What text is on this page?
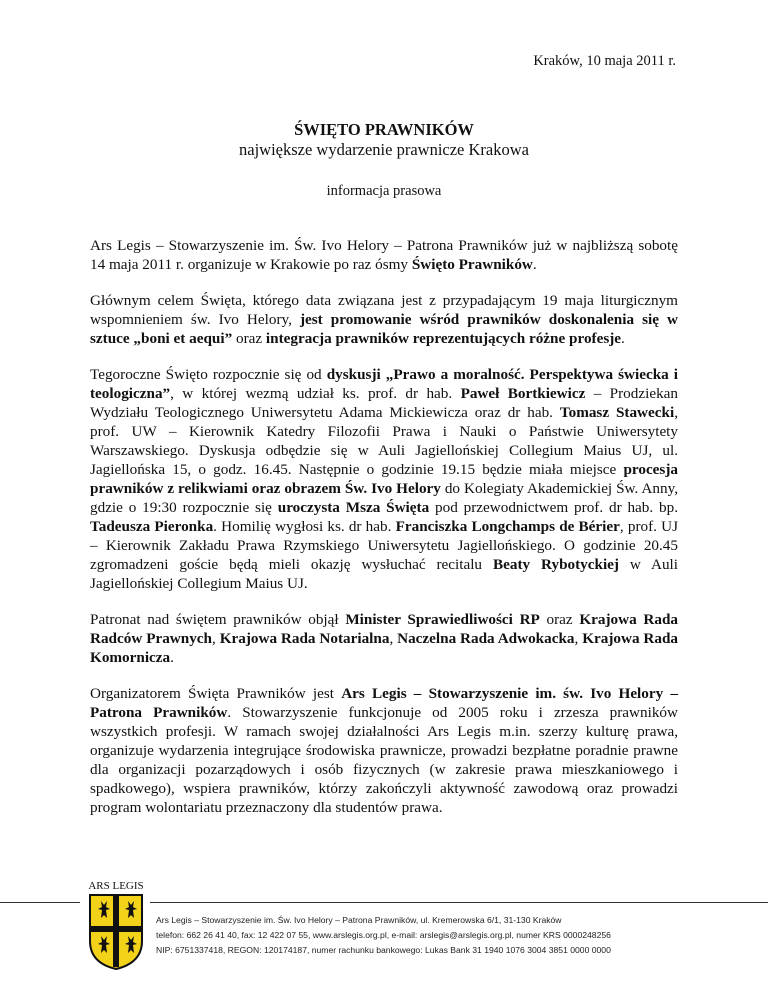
Kraków, 10 maja 2011 r.
ŚWIĘTO PRAWNIKÓW
największe wydarzenie prawnicze Krakowa
informacja prasowa

Ars Legis – Stowarzyszenie im. Św. Ivo Helory – Patrona Prawników już w najbliższą sobotę 14 maja 2011 r. organizuje w Krakowie po raz ósmy Święto Prawników.

Głównym celem Święta, którego data związana jest z przypadającym 19 maja liturgicznym wspomnieniem św. Ivo Helory, jest promowanie wśród prawników doskonalenia się w sztuce „boni et aequi” oraz integracja prawników reprezentujących różne profesje.

Tegoroczne Święto rozpocznie się od dyskusji „Prawo a moralność. Perspektywa świecka i teologiczna”, w której wezmą udział ks. prof. dr hab. Paweł Bortkiewicz – Prodziekan Wydziału Teologicznego Uniwersytetu Adama Mickiewicza oraz dr hab. Tomasz Stawecki, prof. UW – Kierownik Katedry Filozofii Prawa i Nauki o Państwie Uniwersytety Warszawskiego. Dyskusja odbędzie się w Auli Jagiellońskiej Collegium Maius UJ, ul. Jagiellońska 15, o godz. 16.45. Następnie o godzinie 19.15 będzie miała miejsce procesja prawników z relikwiami oraz obrazem Św. Ivo Helory do Kolegiaty Akademickiej Św. Anny, gdzie o 19:30 rozpocznie się uroczysta Msza Święta pod przewodnictwem prof. dr hab. bp. Tadeusza Pieronka. Homilię wygłosi ks. dr hab. Franciszka Longchamps de Bérier, prof. UJ – Kierownik Zakładu Prawa Rzymskiego Uniwersytetu Jagiellońskiego. O godzinie 20.45 zgromadzeni goście będą mieli okazję wysłuchać recitalu Beaty Rybotyckiej w Auli Jagiellońskiej Collegium Maius UJ.

Patronat nad świętem prawników objął Minister Sprawiedliwości RP oraz Krajowa Rada Radców Prawnych, Krajowa Rada Notarialna, Naczelna Rada Adwokacka, Krajowa Rada Komornicza.

Organizatorem Święta Prawników jest Ars Legis – Stowarzyszenie im. św. Ivo Helory – Patrona Prawników. Stowarzyszenie funkcjonuje od 2005 roku i zrzesza prawników wszystkich profesji. W ramach swojej działalności Ars Legis m.in. szerzy kulturę prawa, organizuje wydarzenia integrujące środowiska prawnicze, prowadzi bezpłatne poradnie prawne dla organizacji pozarządowych i osób fizycznych (w zakresie prawa mieszkaniowego i spadkowego), wspiera prawników, którzy zakończyli aktywność zawodową oraz prowadzi program wolontariatu przeznaczony dla studentów prawa.

ARS LEGIS
Ars Legis – Stowarzyszenie im. Św. Ivo Helory – Patrona Prawników, ul. Kremerowska 6/1, 31-130 Kraków
telefon: 662 26 41 40, fax: 12 422 07 55, www.arslegis.org.pl, e-mail: arslegis@arslegis.org.pl, numer KRS 0000248256
NIP: 6751337418, REGON: 120174187, numer rachunku bankowego: Lukas Bank 31 1940 1076 3004 3851 0000 0000
